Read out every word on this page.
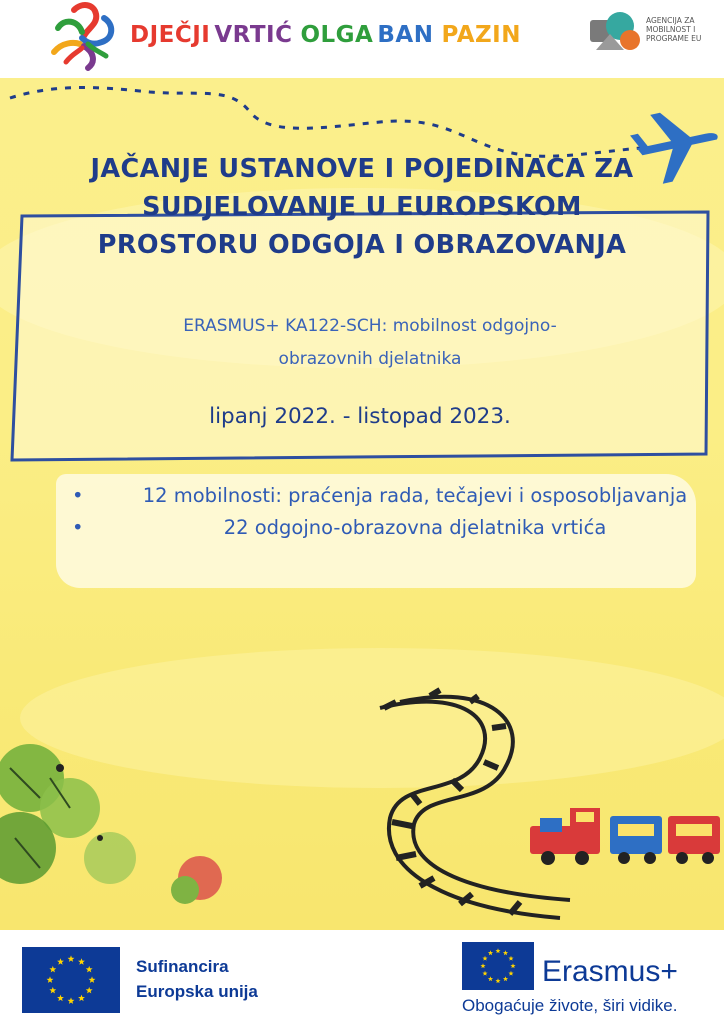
DJEČJI VRTIĆ OLGA BAN PAZIN
AGENCIJA ZA
MOBILNOST I
PROGRAME EU
JAČANJE USTANOVE I POJEDINACA ZA
SUDJELOVANJE U EUROPSKOM
PROSTORU ODGOJA I OBRAZOVANJA
ERASMUS+ KA122-SCH: mobilnost odgojno-
obrazovnih djelatnika
lipanj 2022. - listopad 2023.
•	12 mobilnosti: praćenja rada, tečajevi i osposobljavanja
•	22 odgojno-obrazovna djelatnika vrtića
Sufinancira
Europska unija
Erasmus+
Obogaćuje živote, širi vidike.
